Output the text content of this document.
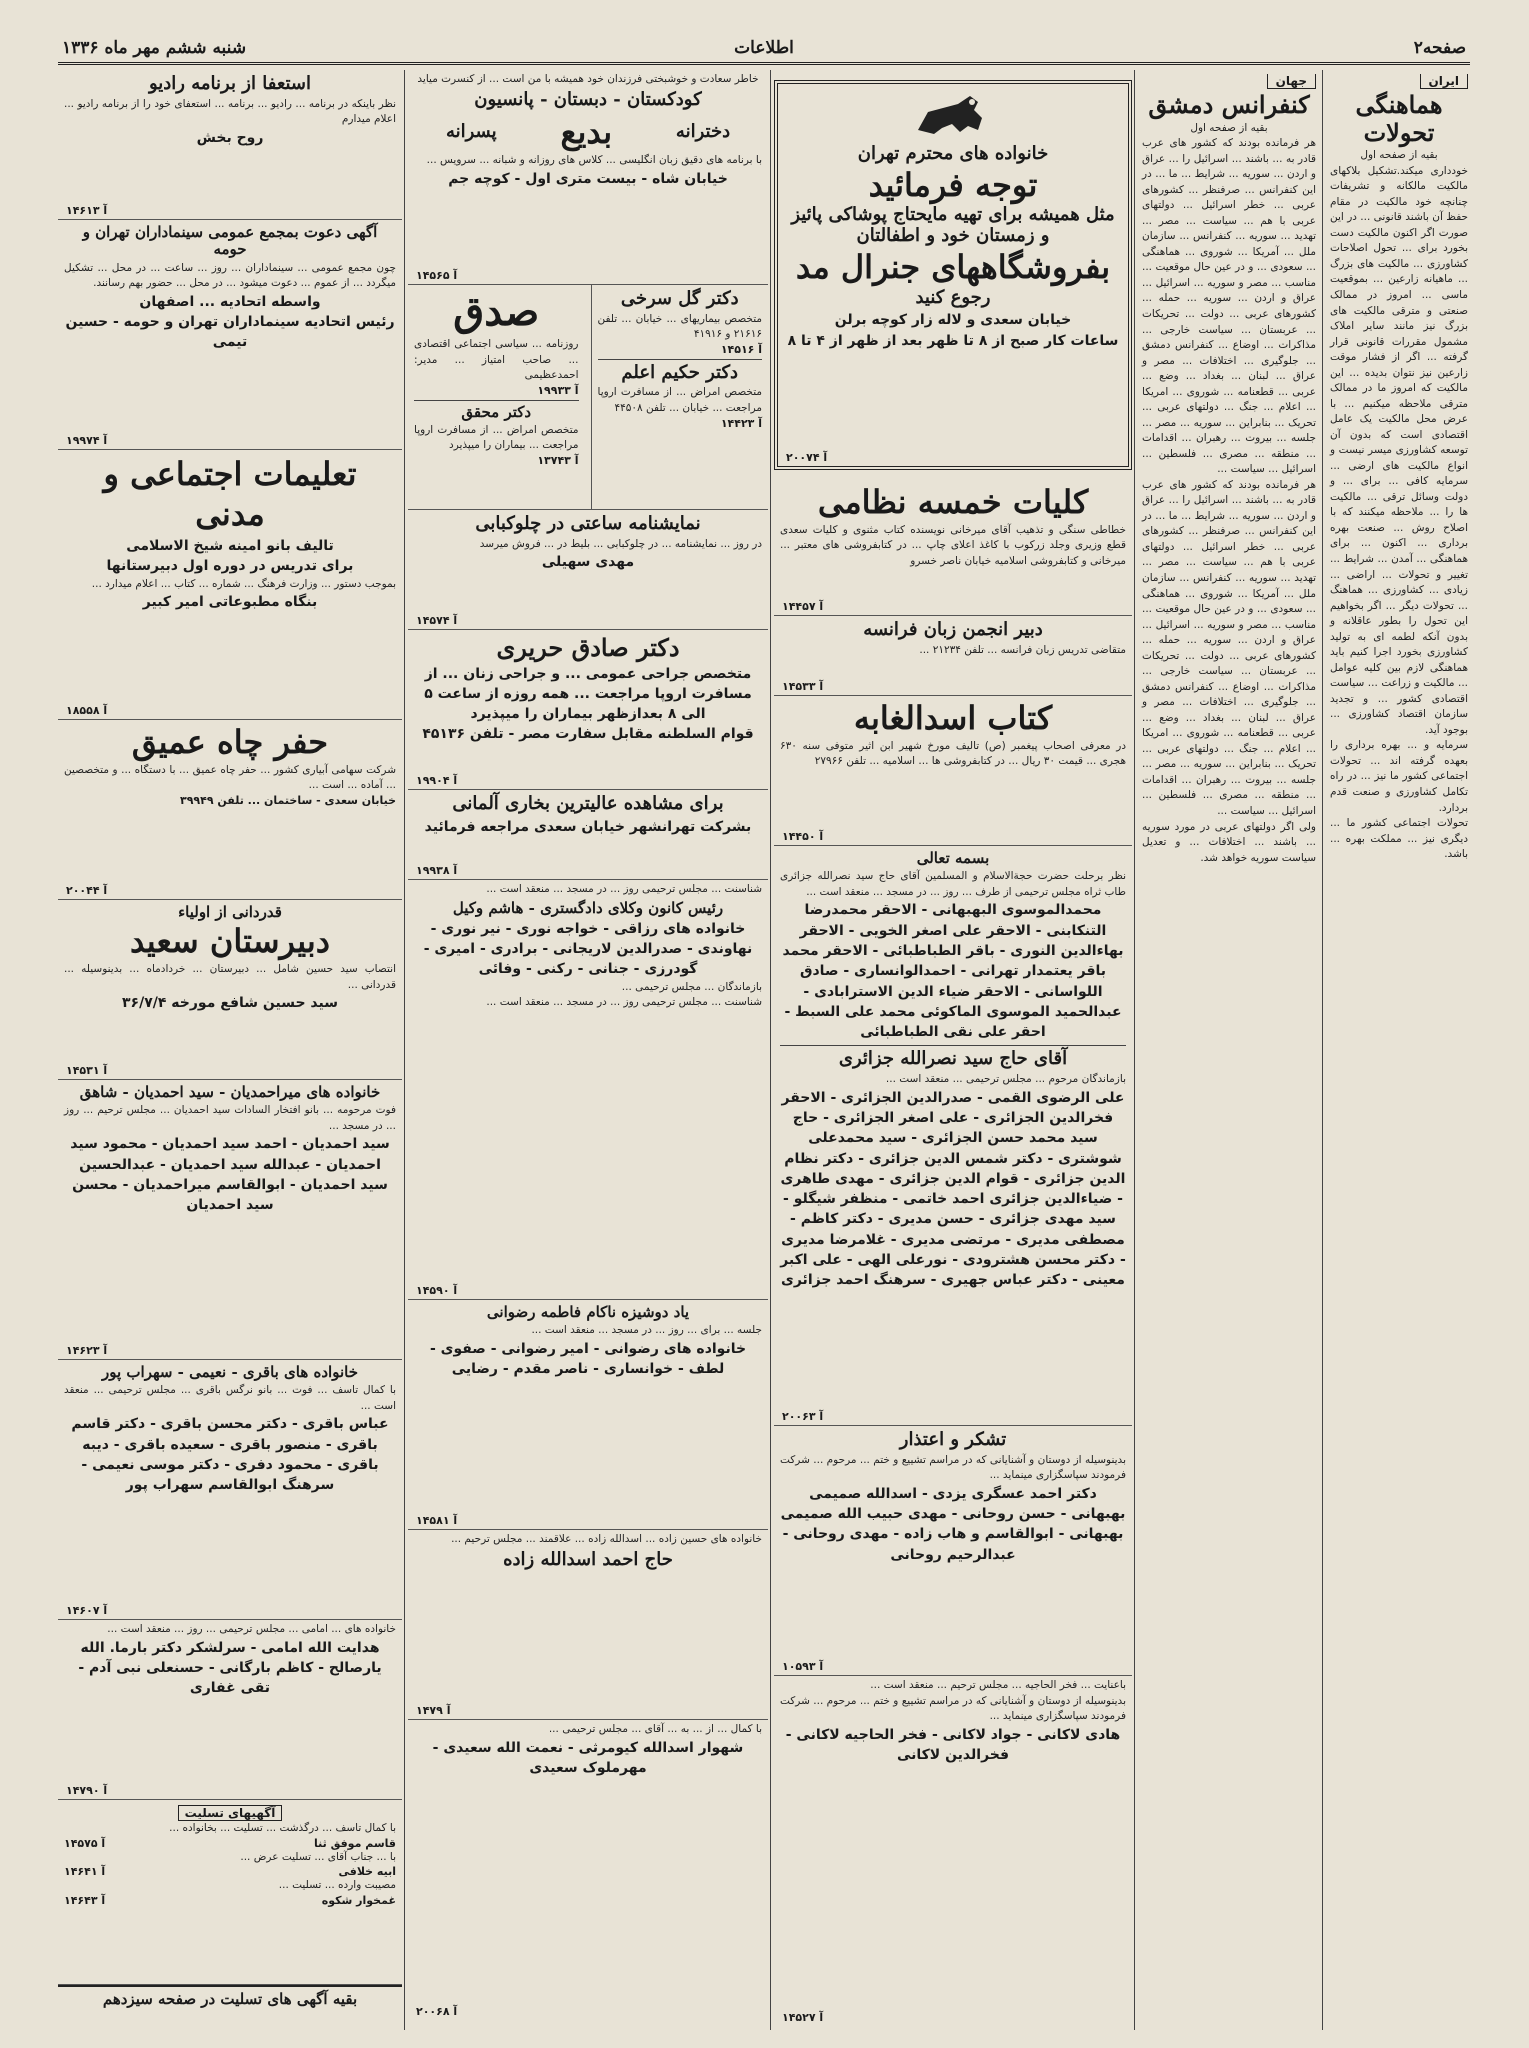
صفحه۲
اطلاعات
شنبه ششم مهر ماه ۱۳۳۶
ایران
هماهنگی تحولات
بقیه از صفحه اول

خودداری میکند.تشکیل بلاکهای مالکیت مالکانه و تشریفات چنانچه خود مالکیت در مقام حفظ آن باشند قانونی ... در این صورت اگر اکنون مالکیت دست بخورد برای ... تحول اصلاحات کشاورزی ... مالکیت های بزرگ ... ماهیانه زارعین ... بموقعیت ماسی ... امروز در ممالک صنعتی و مترقی مالکیت های بزرگ نیز مانند سایر املاک مشمول مقررات قانونی قرار گرفته ... اگر از فشار موقت زارعین نیز نتوان بدیده ... این مالکیت که امروز ما در ممالک مترقی ملاحظه میکنیم ... با عرض محل مالکیت یک عامل اقتصادی است که بدون آن توسعه کشاورزی میسر نیست و انواع مالکیت های ارضی ... سرمایه کافی ... برای ... و دولت وسائل ترقی ... مالکیت ها را ... ملاحظه میکنند که با اصلاح روش ... صنعت بهره برداری ... اکنون ... برای هماهنگی ... آمدن ... شرایط ... تغییر و تحولات ... اراضی ... زیادی ... کشاورزی ... هماهنگ ... تحولات دیگر ... اگر بخواهیم این تحول را بطور عاقلانه و بدون آنکه لطمه ای به تولید کشاورزی بخورد اجرا کنیم باید هماهنگی لازم بین کلیه عوامل ... مالکیت و زراعت ... سیاست اقتصادی کشور ... و تجدید سازمان اقتصاد کشاورزی ... بوجود آید.

سرمایه و ... بهره برداری را بعهده گرفته اند ... تحولات اجتماعی کشور ما نیز ... در راه تکامل کشاورزی و صنعت قدم بردارد.

تحولات اجتماعی کشور ما ... دیگری نیز ... مملکت بهره ... باشد.

جهان
کنفرانس دمشق
بقیه از صفحه اول

هر فرمانده بودند که کشور های عرب قادر به ... باشند ... اسرائیل را ... عراق و اردن ... سوریه ... شرایط ... ما ... در این کنفرانس ... صرفنظر ... کشورهای عربی ... خطر اسرائیل ... دولتهای عربی با هم ... سیاست ... مصر ... تهدید ... سوریه ... کنفرانس ... سازمان ملل ... آمریکا ... شوروی ... هماهنگی ... سعودی ... و در عین حال موقعیت ... مناسب ... مصر و سوریه ... اسرائیل ... عراق و اردن ... سوریه ... حمله ... کشورهای عربی ... دولت ... تحریکات ... عربستان ... سیاست خارجی ... مذاکرات ... اوضاع ... کنفرانس دمشق ... جلوگیری ... اختلافات ... مصر و عراق ... لبنان ... بغداد ... وضع ... عربی ... قطعنامه ... شوروی ... امریکا ... اعلام ... جنگ ... دولتهای عربی ... تحریک ... بنابراین ... سوریه ... مصر ... جلسه ... بیروت ... رهبران ... اقدامات ... منطقه ... مصری ... فلسطین ... اسرائیل ... سیاست ...

هر فرمانده بودند که کشور های عرب قادر به ... باشند ... اسرائیل را ... عراق و اردن ... سوریه ... شرایط ... ما ... در این کنفرانس ... صرفنظر ... کشورهای عربی ... خطر اسرائیل ... دولتهای عربی با هم ... سیاست ... مصر ... تهدید ... سوریه ... کنفرانس ... سازمان ملل ... آمریکا ... شوروی ... هماهنگی ... سعودی ... و در عین حال موقعیت ... مناسب ... مصر و سوریه ... اسرائیل ... عراق و اردن ... سوریه ... حمله ... کشورهای عربی ... دولت ... تحریکات ... عربستان ... سیاست خارجی ... مذاکرات ... اوضاع ... کنفرانس دمشق ... جلوگیری ... اختلافات ... مصر و عراق ... لبنان ... بغداد ... وضع ... عربی ... قطعنامه ... شوروی ... امریکا ... اعلام ... جنگ ... دولتهای عربی ... تحریک ... بنابراین ... سوریه ... مصر ... جلسه ... بیروت ... رهبران ... اقدامات ... منطقه ... مصری ... فلسطین ... اسرائیل ... سیاست ...

ولی اگر دولتهای عربی در مورد سوریه ... باشند ... اختلافات ... و تعدیل سیاست سوریه خواهد شد.

خانواده های محترم تهران
توجه فرمائید
مثل همیشه برای تهیه مایحتاج پوشاکی پائیز و زمستان خود و اطفالتان
بفروشگاههای جنرال مد
رجوع کنید
خیابان سعدی و لاله زار کوچه برلن
ساعات کار صبح از ۸ تا ظهر بعد از ظهر از ۴ تا ۸
آ ۲۰۰۷۴
کلیات خمسه نظامی

خطاطی سنگی و تذهیب آقای میرخانی نویسنده کتاب مثنوی و کلیات سعدی قطع وزیری وجلد زرکوب با کاغذ اعلای چاپ ... در کتابفروشی های معتبر ... میرخانی و کتابفروشی اسلامیه خیابان ناصر خسرو

آ ۱۴۴۵۷
دبیر انجمن زبان فرانسه

متقاضی تدریس زبان فرانسه ... تلفن ۲۱۲۳۴ ...

آ ۱۴۵۳۳
کتاب اسدالغابه

در معرفی اصحاب پیغمبر (ص) تالیف مورخ شهیر ابن اثیر متوفی سنه ۶۳۰ هجری ... قیمت ۳۰ ریال ... در کتابفروشی ها ... اسلامیه ... تلفن ۲۷۹۶۶

آ ۱۴۴۵۰
بسمه تعالی

نظر برحلت حضرت حجةالاسلام و المسلمین آقای حاج سید نصرالله جزائری طاب ثراه مجلس ترحیمی از طرف ... روز ... در مسجد ... منعقد است ...

محمدالموسوی البهبهانی - الاحقر محمدرضا التنکابنی - الاحقر علی اصغر الخویی - الاحقر بهاءالدین النوری - باقر الطباطبائی - الاحقر محمد باقر یعتمدار تهرانی - احمدالوانساری - صادق اللواسانی - الاحقر ضیاء الدین الاسترابادی - عبدالحمید الموسوی الماکوئی محمد علی السبط - احقر علی نقی الطباطبائی
آقای حاج سید نصرالله جزائری

بازماندگان مرحوم ... مجلس ترحیمی ... منعقد است ...

علی الرضوی القمی - صدرالدین الجزائری - الاحقر فخرالدین الجزائری - علی اصغر الجزائری - حاج سید محمد حسن الجزائری - سید محمدعلی شوشتری - دکتر شمس الدین جزائری - دکتر نظام الدین جزائری - قوام الدین جزائری - مهدی طاهری - ضیاءالدین جزائری احمد خاتمی - منظفر شیگلو - سید مهدی جزائری - حسن مدیری - دکتر کاظم - مصطفی مدیری - مرتضی مدیری - غلامرضا مدیری - دکتر محسن هشترودی - نورعلی الهی - علی اکبر معینی - دکتر عباس جهیری - سرهنگ احمد جزائری
آ ۲۰۰۶۳
تشکر و اعتذار

بدینوسیله از دوستان و آشنایانی که در مراسم تشییع و ختم ... مرحوم ... شرکت فرمودند سپاسگزاری مینماید ...

دکتر احمد عسگری یزدی - اسدالله صمیمی بهبهانی - حسن روحانی - مهدی حبیب الله صمیمی بهبهانی - ابوالقاسم و هاب زاده - مهدی روحانی - عبدالرحیم روحانی
آ ۱۰۵۹۳

باعنایت ... فخر الحاجیه ... مجلس ترحیم ... منعقد است ...

بدینوسیله از دوستان و آشنایانی که در مراسم تشییع و ختم ... مرحوم ... شرکت فرمودند سپاسگزاری مینماید ...

هادی لاکانی - جواد لاکانی - فخر الحاجیه لاکانی - فخرالدین لاکانی
آ ۱۴۵۲۷

خاطر سعادت و خوشبختی فرزندان خود همیشه با من است ... از کنسرت میاید

کودکستان - دبستان - پانسیون
دخترانه
بدیع
پسرانه

با برنامه های دقیق زبان انگلیسی ... کلاس های روزانه و شبانه ... سرویس ...

خیابان شاه - بیست متری اول - کوچه جم
آ ۱۴۵۶۵
دکتر گل سرخی

متخصص بیماریهای ... خیابان ... تلفن ۲۱۶۱۶ و ۴۱۹۱۶

آ ۱۴۵۱۶
دکتر حکیم اعلم

متخصص امراض ... از مسافرت اروپا مراجعت ... خیابان ... تلفن ۴۴۵۰۸

آ ۱۴۴۲۳
صدق

روزنامه ... سیاسی اجتماعی اقتصادی ... صاحب امتیاز ... مدیر: احمدعظیمی

آ ۱۹۹۳۳
دکتر محقق

متخصص امراض ... از مسافرت اروپا مراجعت ... بیماران را میپذیرد

آ ۱۳۷۴۳
نمایشنامه ساعتی در چلوکبابی

در روز ... نمایشنامه ... در چلوکبابی ... بلیط در ... فروش میرسد

مهدی سهیلی
آ ۱۴۵۷۴
دکتر صادق حریری
متخصص جراحی عمومی ... و جراحی زنان ... از مسافرت اروپا مراجعت ... همه روزه از ساعت ۵ الی ۸ بعدازظهر بیماران را میپذیرد
قوام السلطنه مقابل سفارت مصر - تلفن ۴۵۱۳۶
آ ۱۹۹۰۴
برای مشاهده عالیترین بخاری آلمانی
بشرکت تهرانشهر خیابان سعدی مراجعه فرمائید
آ ۱۹۹۳۸

شناسنت ... مجلس ترحیمی روز ... در مسجد ... منعقد است ...

رئیس کانون وکلای دادگستری - هاشم وکیل
خانواده های رزاقی - خواجه نوری - نیر نوری - نهاوندی - صدرالدین لاریجانی - برادری - امیری - گودرزی - جنانی - رکنی - وفائی

بازماندگان ... مجلس ترحیمی ...

شناسنت ... مجلس ترحیمی روز ... در مسجد ... منعقد است ...

آ ۱۴۵۹۰
یاد دوشیزه ناکام فاطمه رضوانی

جلسه ... برای ... روز ... در مسجد ... منعقد است ...

خانواده های رضوانی - امیر رضوانی - صفوی - لطف - خوانساری - ناصر مقدم - رضایی
آ ۱۴۵۸۱

خانواده های حسین زاده ... اسدالله زاده ... علاقمند ... مجلس ترحیم ...

حاج احمد اسدالله زاده
آ ۱۴۷۹

با کمال ... از ... به ... آقای ... مجلس ترحیمی ...

شهوار اسدالله کیومرثی - نعمت الله سعیدی - مهرملوک سعیدی
آ ۲۰۰۶۸
استعفا از برنامه رادیو

نظر باینکه در برنامه ... رادیو ... برنامه ... استعفای خود را از برنامه رادیو ... اعلام میدارم

روح بخش
آ ۱۴۶۱۳
آگهی دعوت بمجمع عمومی سینماداران تهران و حومه

چون مجمع عمومی ... سینماداران ... روز ... ساعت ... در محل ... تشکیل میگردد ... از عموم ... دعوت میشود ... در محل ... حضور بهم رسانند.

واسطه اتحادیه ... اصفهان
رئیس اتحادیه سینماداران تهران و حومه - حسین تیمی
آ ۱۹۹۷۴
تعلیمات اجتماعی و مدنی
تالیف بانو امینه شیخ الاسلامی
برای تدریس در دوره اول دبیرستانها

بموجب دستور ... وزارت فرهنگ ... شماره ... کتاب ... اعلام میدارد ...

بنگاه مطبوعاتی امیر کبیر
آ ۱۸۵۵۸
حفر چاه عمیق

شرکت سهامی آبیاری کشور ... حفر چاه عمیق ... با دستگاه ... و متخصصین ... آماده ... است ...

خیابان سعدی - ساختمان ... تلفن ۳۹۹۴۹
آ ۲۰۰۴۴
قدردانی از اولیاء
دبیرستان سعید

انتصاب سید حسین شامل ... دبیرستان ... خردادماه ... بدینوسیله ... قدردانی ...

سید حسین شافع مورخه ۳۶/۷/۴
آ ۱۴۵۳۱
خانواده های میراحمدیان - سید احمدیان - شاهق

فوت مرحومه ... بانو افتخار السادات سید احمدیان ... مجلس ترحیم ... روز ... در مسجد ...

سید احمدیان - احمد سید احمدیان - محمود سید احمدیان - عبدالله سید احمدیان - عبدالحسین سید احمدیان - ابوالقاسم میراحمدیان - محسن سید احمدیان
آ ۱۴۶۲۳
خانواده های باقری - نعیمی - سهراب پور

با کمال تاسف ... فوت ... بانو نرگس باقری ... مجلس ترحیمی ... منعقد است ...

عباس باقری - دکتر محسن باقری - دکتر قاسم باقری - منصور باقری - سعیده باقری - دیبه باقری - محمود دفری - دکتر موسی نعیمی - سرهنگ ابوالقاسم سهراب پور
آ ۱۴۶۰۷

خانواده های ... امامی ... مجلس ترحیمی ... روز ... منعقد است ...

هدایت الله امامی - سرلشکر دکتر بارما. الله یارصالح - کاظم بارگانی - حسنعلی نبی آدم - تقی غفاری
آ ۱۴۷۹۰
آگهیهای تسلیت

با کمال تاسف ... درگذشت ... تسلیت ... بخانواده ...

قاسم موفق ثنا
آ ۱۴۵۷۵

با ... جناب آقای ... تسلیت عرض ...

ابیه خلافی
آ ۱۴۶۴۱

مصیبت وارده ... تسلیت ...

غمخوار شکوه
آ ۱۴۶۴۳
بقیه آگهی های تسلیت در صفحه سیزدهم
